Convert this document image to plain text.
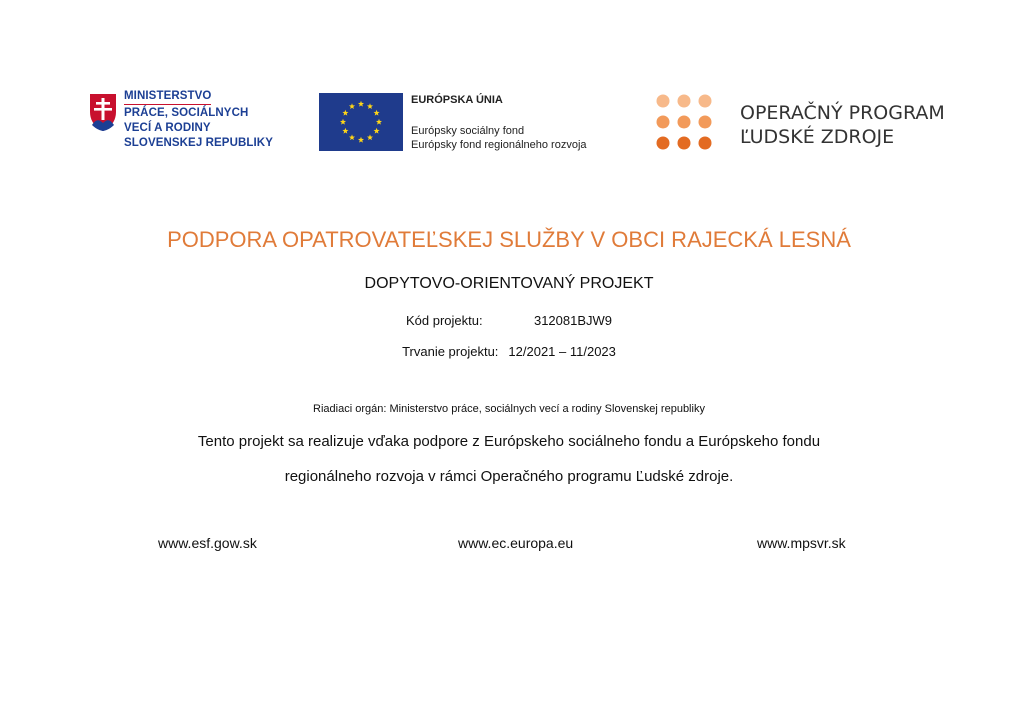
MINISTERSTVO
PRÁCE, SOCIÁLNYCH
VECÍ A RODINY
SLOVENSKEJ REPUBLIKY
EURÓPSKA ÚNIA
Európsky sociálny fond
Európsky fond regionálneho rozvoja
OPERAČNÝ PROGRAM
ĽUDSKÉ ZDROJE
PODPORA OPATROVATEĽSKEJ SLUŽBY V OBCI RAJECKÁ LESNÁ
DOPYTOVO-ORIENTOVANÝ PROJEKT
Kód projektu:	312081BJW9
Trvanie projektu: 12/2021 – 11/2023
Riadiaci orgán: Ministerstvo práce, sociálnych vecí a rodiny Slovenskej republiky
Tento projekt sa realizuje vďaka podpore z Európskeho sociálneho fondu a Európskeho fondu
regionálneho rozvoja v rámci Operačného programu Ľudské zdroje.
www.esf.gow.sk	www.ec.europa.eu	www.mpsvr.sk
